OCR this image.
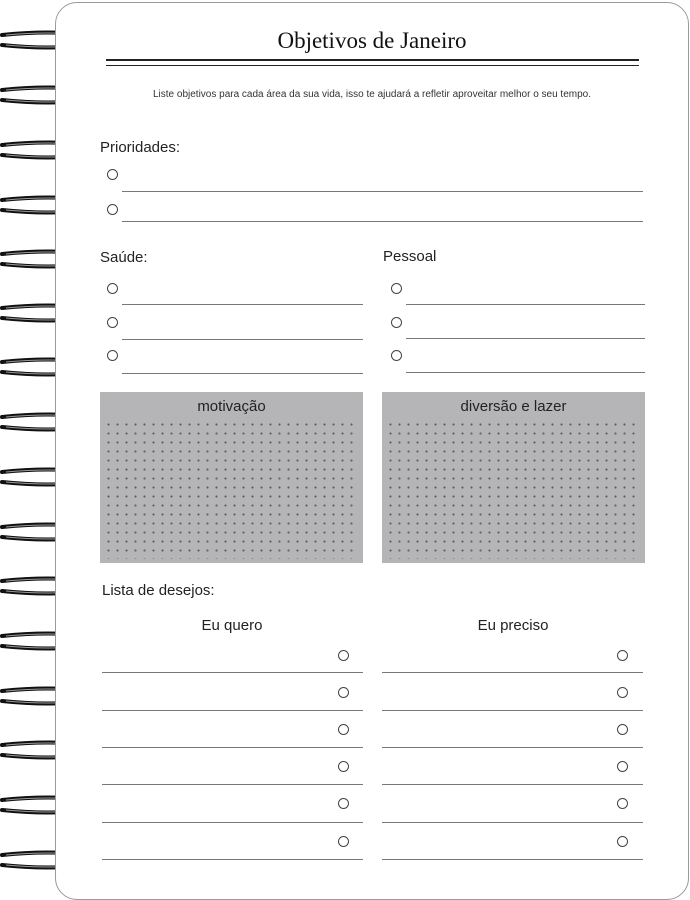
Objetivos de Janeiro
Liste objetivos para cada área da sua vida, isso te ajudará a refletir aproveitar melhor o seu tempo.
Prioridades:
Saúde:	Pessoal
motivação	diversão e lazer
Lista de desejos:
Eu quero	Eu preciso
